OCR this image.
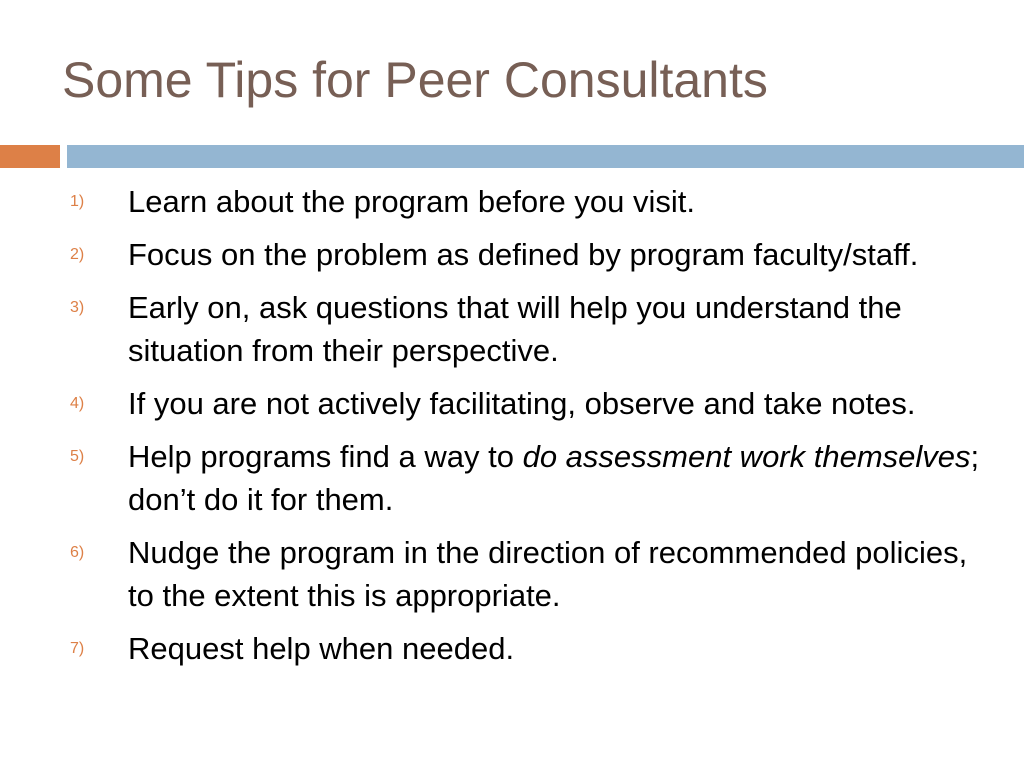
Some Tips for Peer Consultants
1) Learn about the program before you visit.
2) Focus on the problem as defined by program faculty/staff.
3) Early on, ask questions that will help you understand the situation from their perspective.
4) If you are not actively facilitating, observe and take notes.
5) Help programs find a way to do assessment work themselves; don’t do it for them.
6) Nudge the program in the direction of recommended policies, to the extent this is appropriate.
7) Request help when needed.
